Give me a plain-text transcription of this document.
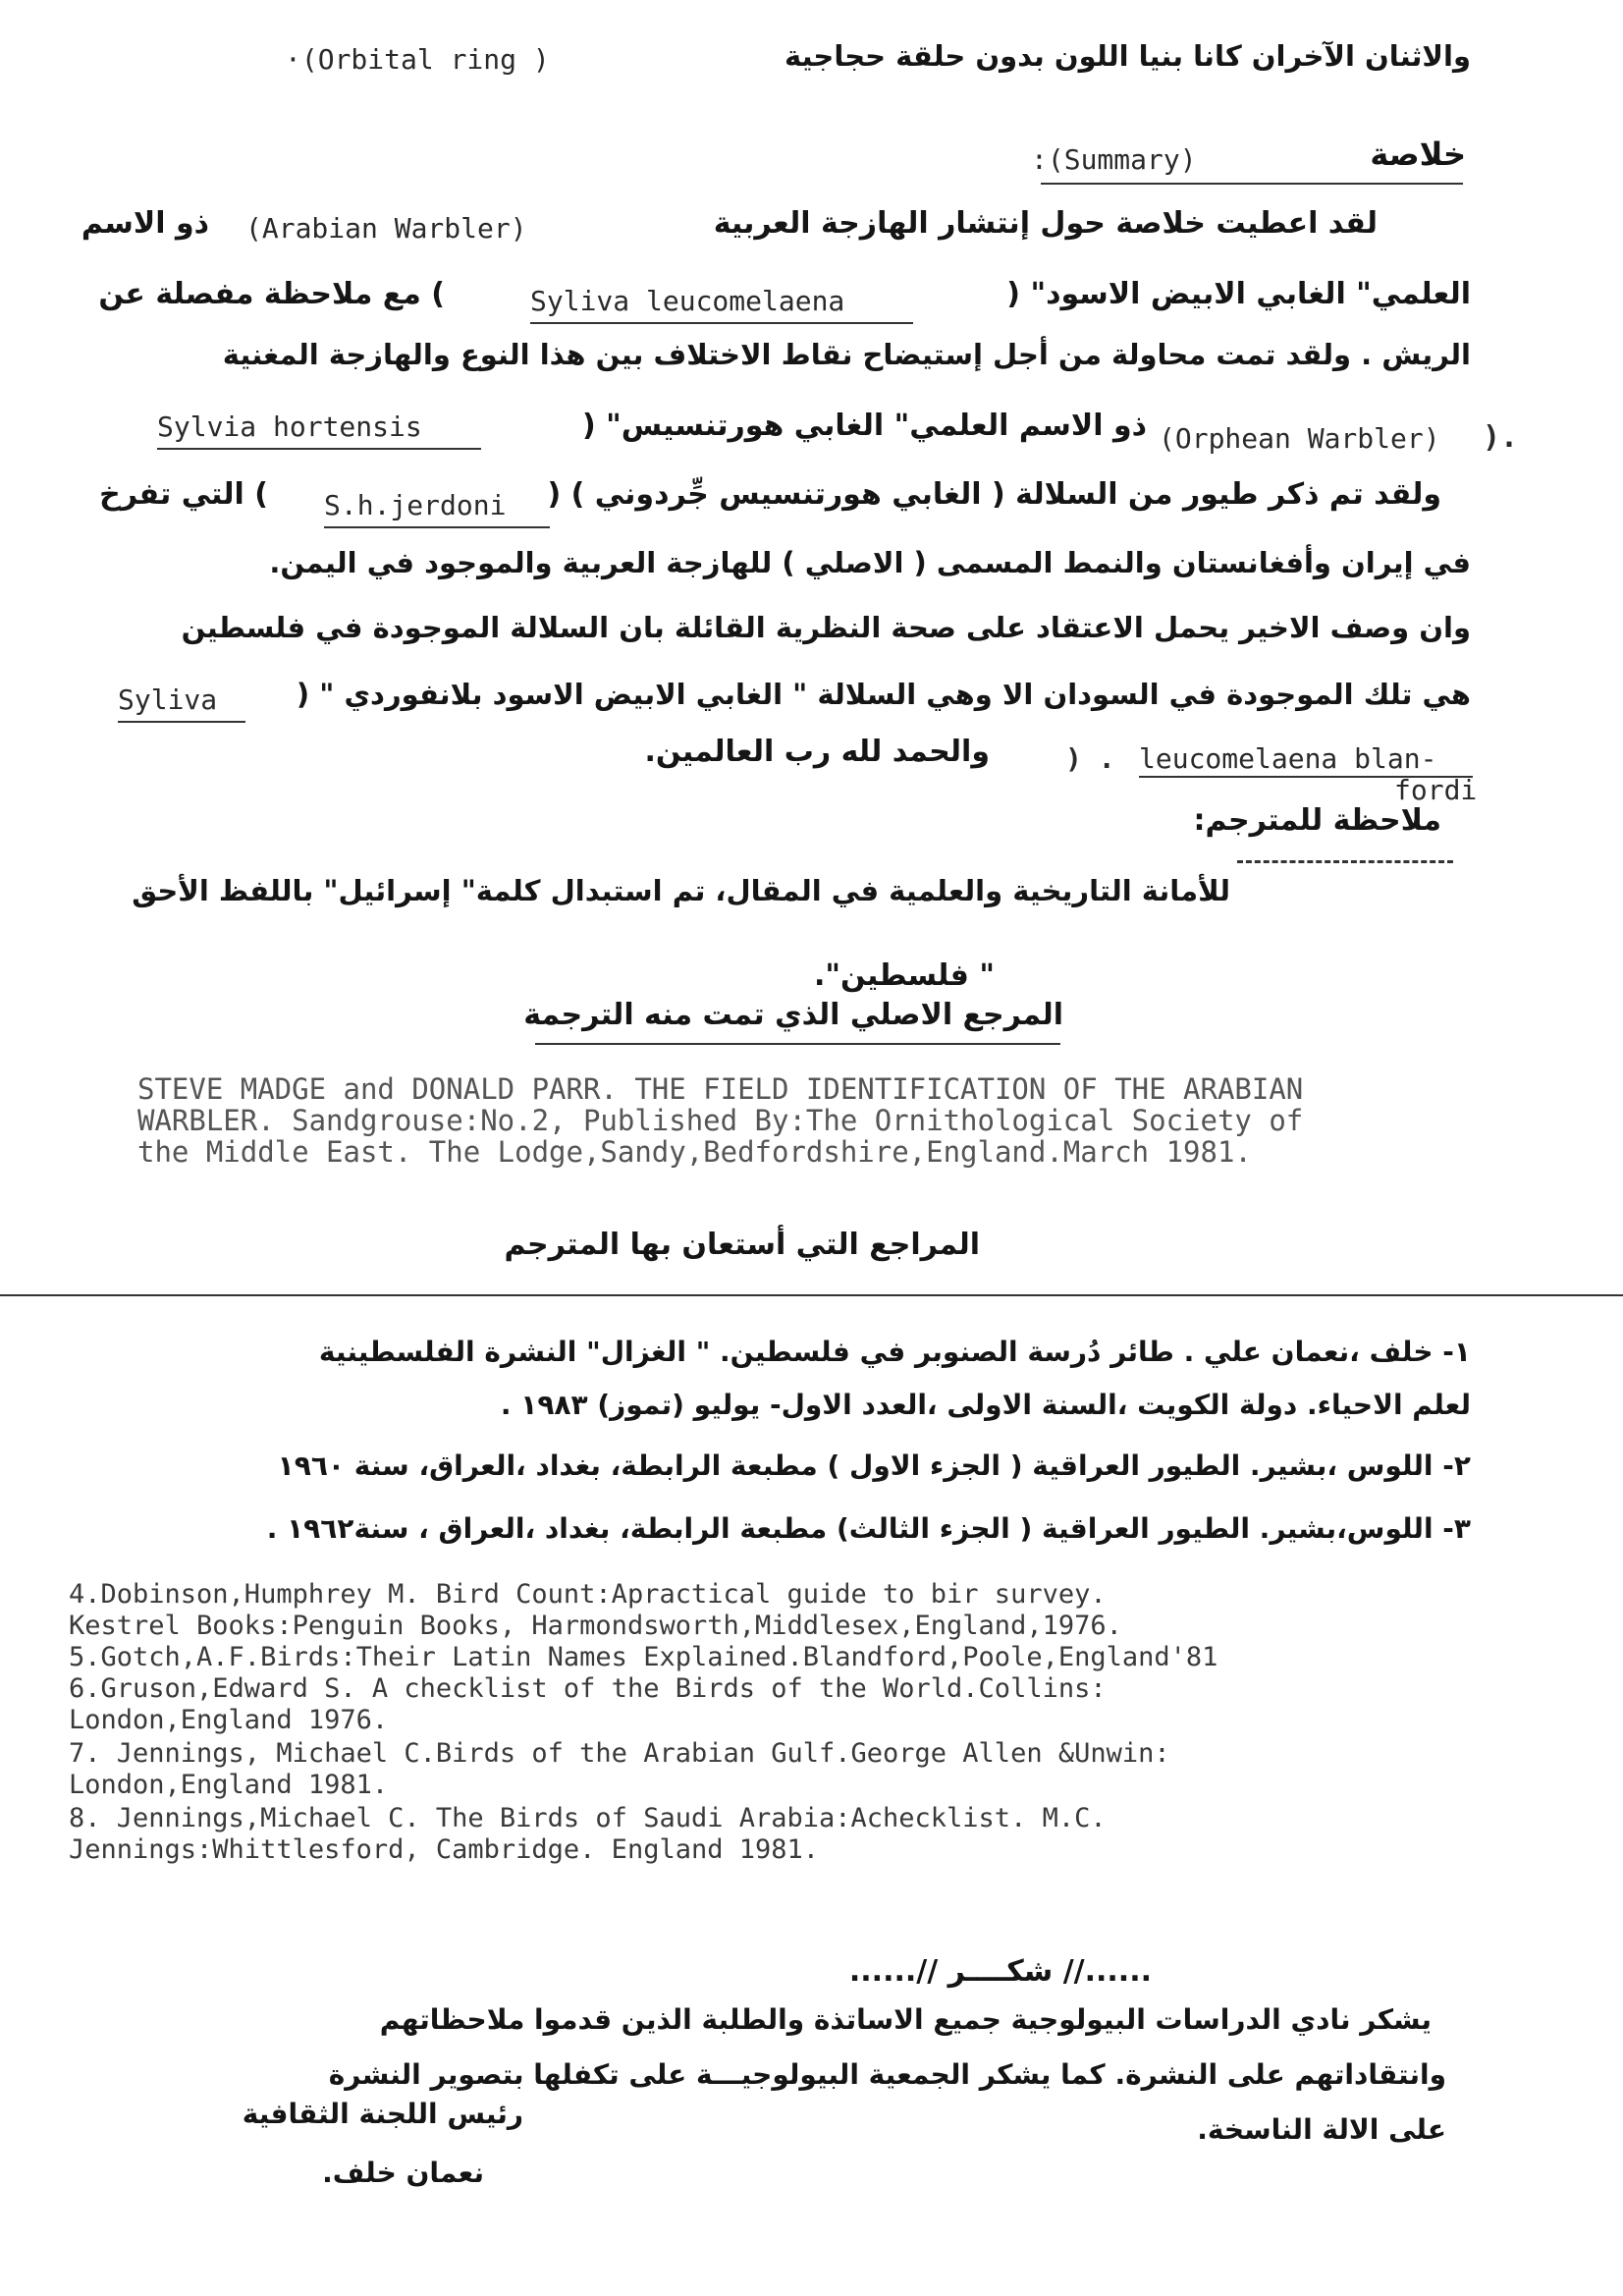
·(Orbital ring )	والاثنان الآخران كانا بنيا اللون بدون حلقة حجاجية
خلاصة
:(Summary)
لقد اعطيت خلاصة حول إنتشار الهازجة العربية
(Arabian Warbler)
ذو الاسم
العلمي" الغابي الابيض الاسود" (
Syliva leucomelaena
) مع ملاحظة مفصلة عن
الريش . ولقد تمت محاولة من أجل إستيضاح نقاط الاختلاف بين هذا النوع والهازجة المغنية
(Orphean Warbler)
ذو الاسم العلمي" الغابي هورتنسيس" (
Sylvia hortensis	).
ولقد تم ذكر طيور من السلالة ( الغابي هورتنسيس جِّردوني ) (
S.h.jerdoni
) التي تفرخ
في إيران وأفغانستان والنمط المسمى ( الاصلي ) للهازجة العربية والموجود في اليمن.
وان وصف الاخير يحمل الاعتقاد على صحة النظرية القائلة بان السلالة الموجودة في فلسطين
هي تلك الموجودة في السودان الا وهي السلالة " الغابي الابيض الاسود بلانفوردي " (
Syliva
والحمد لله رب العالمين.	) . leucomelaena blan-
fordi
ملاحظة للمترجم:
للأمانة التاريخية والعلمية في المقال، تم استبدال كلمة" إسرائيل" باللفظ الأحق
" فلسطين".
المرجع الاصلي الذي تمت منه الترجمة
STEVE MADGE and DONALD PARR. THE FIELD IDENTIFICATION OF THE ARABIAN
WARBLER. Sandgrouse:No.2, Published By:The Ornithological Society of
the Middle East. The Lodge,Sandy,Bedfordshire,England.March 1981.
المراجع التي أستعان بها المترجم
١- خلف ،نعمان علي . طائر دُرسة الصنوبر في فلسطين. " الغزال" النشرة الفلسطينية
لعلم الاحياء. دولة الكويت ،السنة الاولى ،العدد الاول- يوليو (تموز) ١٩٨٣ .
٢- اللوس ،بشير. الطيور العراقية ( الجزء الاول ) مطبعة الرابطة، بغداد ،العراق، سنة ١٩٦٠
٣- اللوس،بشير. الطيور العراقية ( الجزء الثالث) مطبعة الرابطة، بغداد ،العراق ، سنة١٩٦٢ .
4.Dobinson,Humphrey M. Bird Count:Apractical guide to bir survey.
Kestrel Books:Penguin Books, Harmondsworth,Middlesex,England,1976.
5.Gotch,A.F.Birds:Their Latin Names Explained.Blandford,Poole,England'81
6.Gruson,Edward S. A checklist of the Birds of the World.Collins:
London,England 1976.
7. Jennings, Michael C.Birds of the Arabian Gulf.George Allen &Unwin:
London,England 1981.
8. Jennings,Michael C. The Birds of Saudi Arabia:Achecklist. M.C.
Jennings:Whittlesford, Cambridge. England 1981.
......// شكــــر //......
يشكر نادي الدراسات البيولوجية جميع الاساتذة والطلبة الذين قدموا ملاحظاتهم
وانتقاداتهم على النشرة. كما يشكر الجمعية البيولوجيـــة على تكفلها بتصوير النشرة
على الالة الناسخة.
رئيس اللجنة الثقافية
نعمان خلف.
